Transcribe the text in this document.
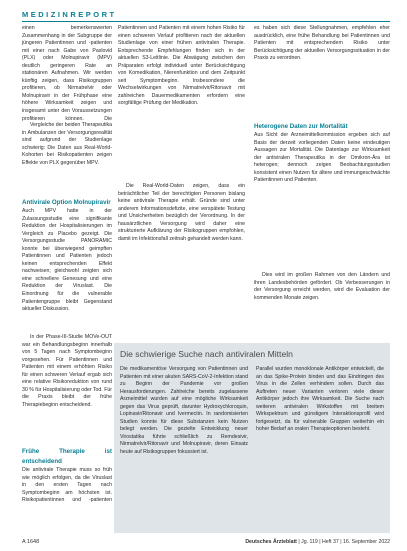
MEDIZINREPORT

einen bemerkenswerten Zusammenhang in der Subgruppe der jüngeren Patientinnen und -patienten mit einer nach Gabe von Paxlovid (PLX) oder Molnupiravir (MPV) deutlich geringeren Rate an stationären Aufnahmen. Wir werden künftig zeigen, dass Risikogruppen profitieren, ob Nirmatrelvir oder Molnupiravir in der Frühphase eine höhere Wirksamkeit zeigen und insgesamt unter den Voraussetzungen profitieren können. Die

Vergleiche der beiden Therapeutika in Ambulanzen der Versorgungsrealität sind aufgrund der Studienlage schwierig: Die Daten aus Real-World-Kohorten bei Risikopatienten zeigen Effekte von PLX gegenüber MPV.

Antivirale Option Molnupiravir

Auch MPV hatte in der Zulassungsstudie eine signifikante Reduktion der Hospitalisierungen im Vergleich zu Placebo gezeigt. Die Versorgungsstudie PANORAMIC konnte bei überwiegend geimpften Patientinnen und Patienten jedoch keinen entsprechenden Effekt nachweisen; gleichwohl zeigten sich eine schnellere Genesung und eine Reduktion der Viruslast. Die Einordnung für die vulnerable Patientengruppe bleibt Gegenstand aktueller Diskussion.

In der Phase-III-Studie MOVe-OUT war ein Behandlungsbeginn innerhalb von 5 Tagen nach Symptombeginn vorgesehen. Für Patientinnen und Patienten mit einem erhöhten Risiko für einen schweren Verlauf ergab sich eine relative Risikoreduktion von rund 30 % für Hospitalisierung oder Tod. Für die Praxis bleibt der frühe Therapiebeginn entscheidend.

Frühe Therapie ist entscheidend

Die antivirale Therapie muss so früh wie möglich erfolgen, da die Viruslast in den ersten Tagen nach Symptombeginn am höchsten ist. Risikopatientinnen und -patienten

Patientinnen und Patienten mit einem hohen Risiko für einen schweren Verlauf profitieren nach der aktuellen Studienlage von einer frühen antiviralen Therapie. Entsprechende Empfehlungen finden sich in der aktuellen S3-Leitlinie. Die Abwägung zwischen den Präparaten erfolgt individuell unter Berücksichtigung von Komedikation, Nierenfunktion und dem Zeitpunkt seit Symptombeginn. Insbesondere die Wechselwirkungen von Nirmatrelvir/Ritonavir mit zahlreichen Dauermedikamenten erfordern eine sorgfältige Prüfung der Medikation.

Die Real-World-Daten zeigen, dass ein beträchtlicher Teil der berechtigten Personen bislang keine antivirale Therapie erhält. Gründe sind unter anderem Informationsdefizite, eine verspätete Testung und Unsicherheiten bezüglich der Verordnung. In der hausärztlichen Versorgung wird daher eine strukturierte Aufklärung der Risikogruppen empfohlen, damit im Infektionsfall zeitnah gehandelt werden kann.

es haben sich diese Stellungnahmen, empfehlen eher ausdrücklich, eine frühe Behandlung bei Patientinnen und Patienten mit entsprechendem Risiko unter Berücksichtigung der aktuellen Versorgungssituation in der Praxis zu verordnen.

Heterogene Daten zur Mortalität

Aus Sicht der Arzneimittelkommission ergeben sich auf Basis der derzeit vorliegenden Daten keine eindeutigen Aussagen zur Mortalität. Die Datenlage zur Wirksamkeit der antiviralen Therapeutika in der Omikron-Ära ist heterogen; dennoch zeigen Beobachtungsstudien konsistent einen Nutzen für ältere und immungeschwächte Patientinnen und Patienten.

Dies wird im großen Rahmen von den Ländern und ihren Landesbehörden gefördert. Ob Verbesserungen in der Versorgung erreicht werden, wird die Evaluation der kommenden Monate zeigen.

Die schwierige Suche nach antiviralen Mitteln
Die medikamentöse Versorgung von Patientinnen und Patienten mit einer akuten SARS-CoV-2-Infektion stand zu Beginn der Pandemie vor großen Herausforderungen. Zahlreiche bereits zugelassene Arzneimittel wurden auf eine mögliche Wirksamkeit gegen das Virus geprüft, darunter Hydroxychloroquin, Lopinavir/Ritonavir und Ivermectin. In randomisierten Studien konnte für diese Substanzen kein Nutzen belegt werden. Die gezielte Entwicklung neuer Virostatika führte schließlich zu Remdesivir, Nirmatrelvir/Ritonavir und Molnupiravir, deren Einsatz heute auf Risikogruppen fokussiert ist.
Parallel wurden monoklonale Antikörper entwickelt, die an das Spike-Protein binden und das Eindringen des Virus in die Zellen verhindern sollen. Durch das Auftreten neuer Varianten verloren viele dieser Antikörper jedoch ihre Wirksamkeit. Die Suche nach weiteren antiviralen Wirkstoffen mit breitem Wirkspektrum und günstigem Interaktionsprofil wird fortgesetzt, da für vulnerable Gruppen weiterhin ein hoher Bedarf an oralen Therapieoptionen besteht.
A 1648	Deutsches Ärzteblatt | Jg. 119 | Heft 37 | 16. September 2022
